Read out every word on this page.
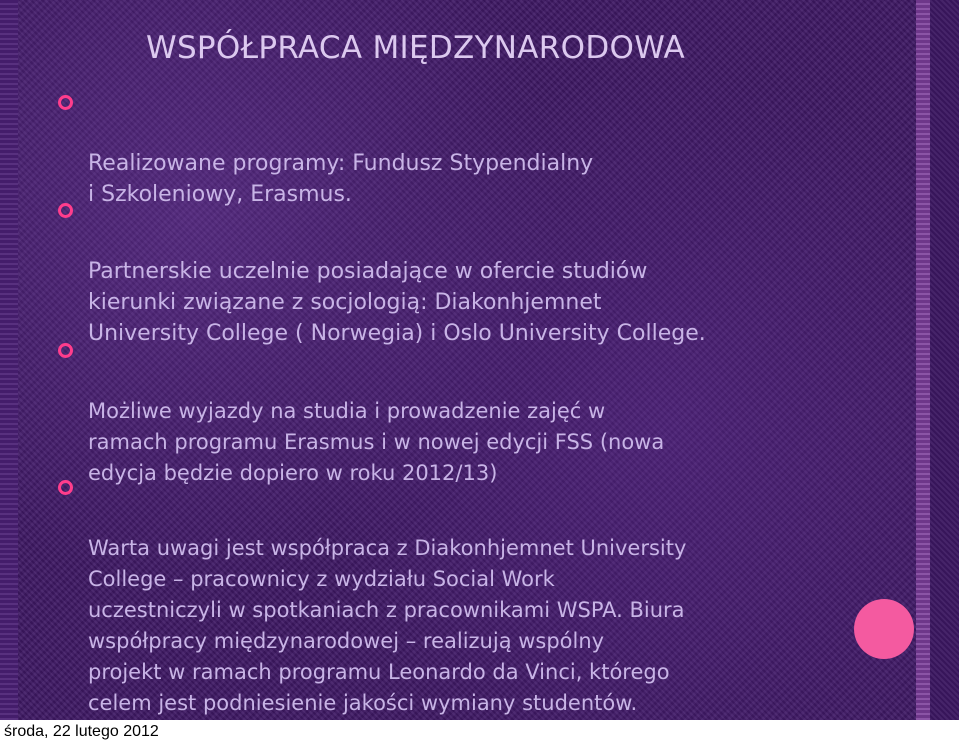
WSPÓŁPRACA MIĘDZYNARODOWA

Realizowane programy: Fundusz Stypendialny
i Szkoleniowy, Erasmus.

Partnerskie uczelnie posiadające w ofercie studiów
kierunki związane z socjologią: Diakonhjemnet
University College ( Norwegia) i Oslo University College.

Możliwe wyjazdy na studia i prowadzenie zajęć w
ramach programu Erasmus i w nowej edycji FSS (nowa
edycja będzie dopiero w roku 2012/13)

Warta uwagi jest współpraca z Diakonhjemnet University
College – pracownicy z wydziału Social Work
uczestniczyli w spotkaniach z pracownikami WSPA. Biura
współpracy międzynarodowej – realizują wspólny
projekt w ramach programu Leonardo da Vinci, którego
celem jest podniesienie jakości wymiany studentów.

środa, 22 lutego 2012
